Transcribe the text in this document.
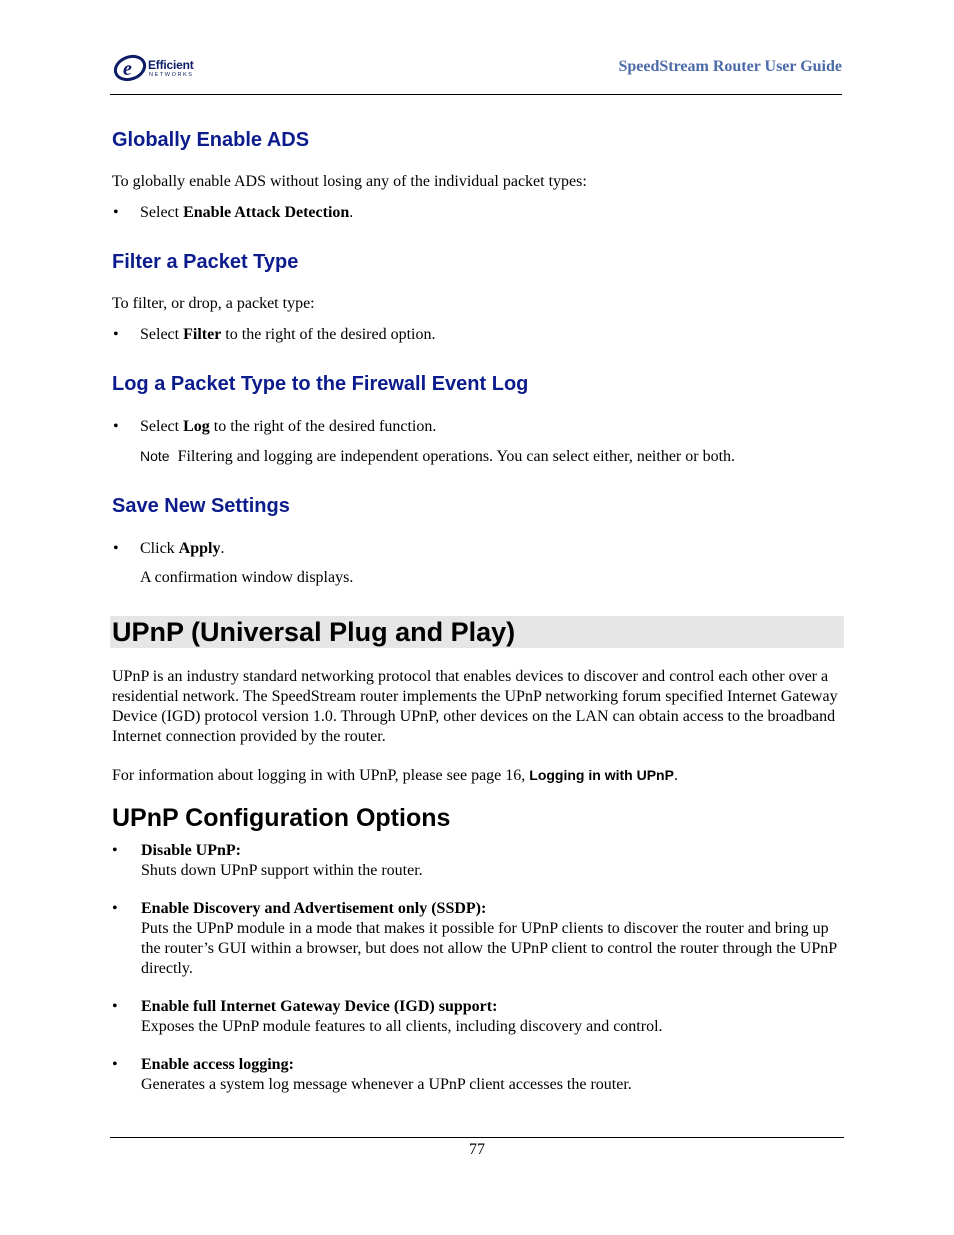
e Efficient
NETWORKS	SpeedStream Router User Guide
Globally Enable ADS
To globally enable ADS without losing any of the individual packet types:
• Select Enable Attack Detection.
Filter a Packet Type
To filter, or drop, a packet type:
• Select Filter to the right of the desired option.
Log a Packet Type to the Firewall Event Log
• Select Log to the right of the desired function.
Note Filtering and logging are independent operations. You can select either, neither or both.
Save New Settings
• Click Apply.
A confirmation window displays.
UPnP (Universal Plug and Play)
UPnP is an industry standard networking protocol that enables devices to discover and control each other over a residential network. The SpeedStream router implements the UPnP networking forum specified Internet Gateway Device (IGD) protocol version 1.0. Through UPnP, other devices on the LAN can obtain access to the broadband Internet connection provided by the router.
For information about logging in with UPnP, please see page 16, Logging in with UPnP.
UPnP Configuration Options
• Disable UPnP:
Shuts down UPnP support within the router.
• Enable Discovery and Advertisement only (SSDP):
Puts the UPnP module in a mode that makes it possible for UPnP clients to discover the router and bring up the router’s GUI within a browser, but does not allow the UPnP client to control the router through the UPnP directly.
• Enable full Internet Gateway Device (IGD) support:
Exposes the UPnP module features to all clients, including discovery and control.
• Enable access logging:
Generates a system log message whenever a UPnP client accesses the router.
77
